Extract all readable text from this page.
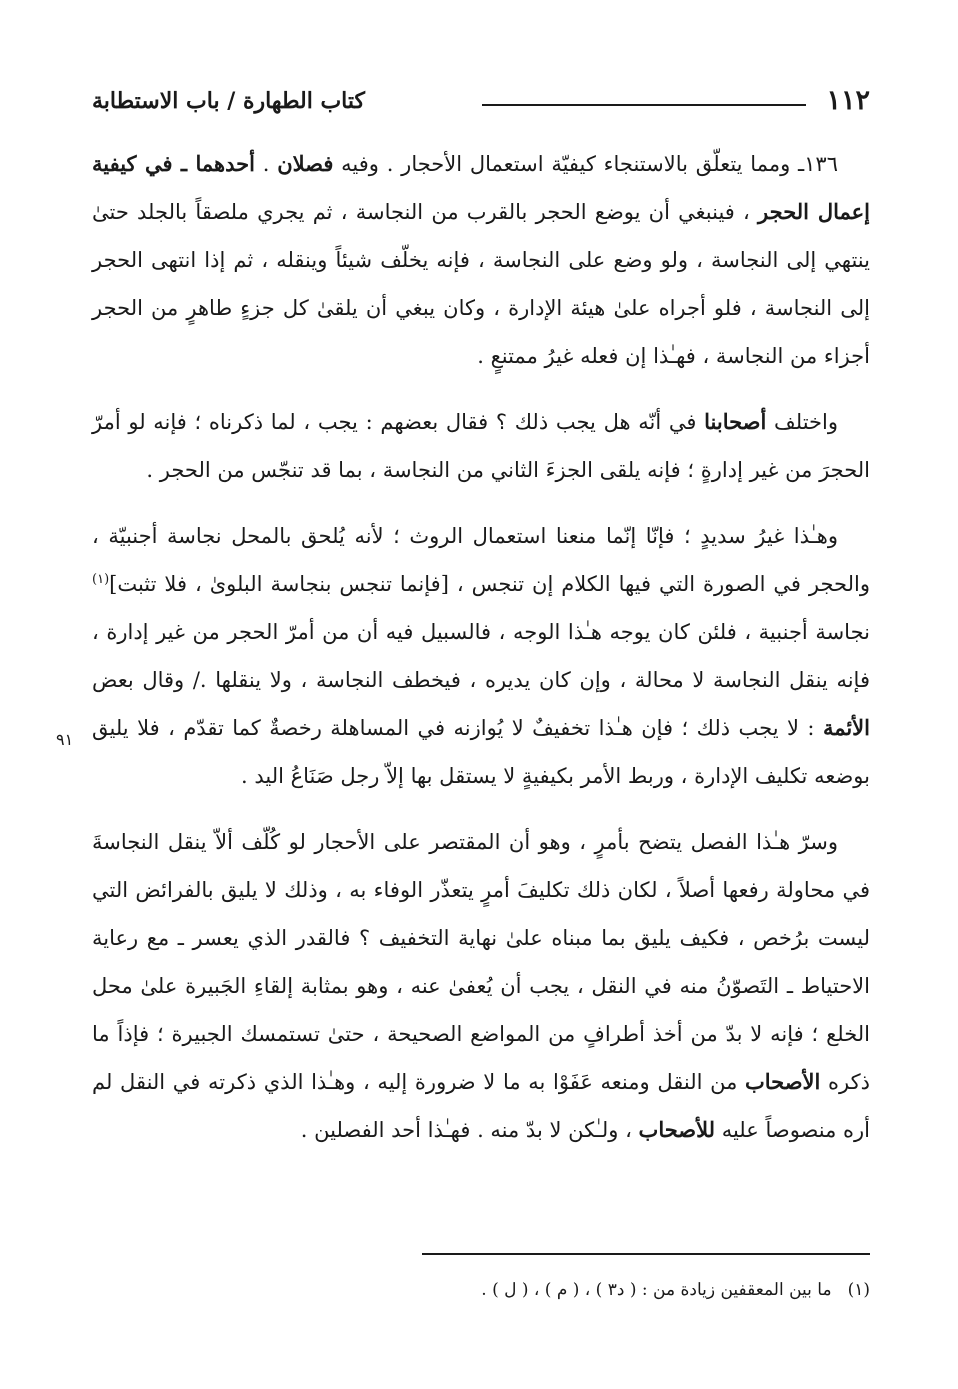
١١٢
كتاب الطهارة / باب الاستطابة

١٣٦ـ ومما يتعلّق بالاستنجاء كيفيّة استعمال الأحجار . وفيه فصلان . أحدهما ـ في كيفية إعمال الحجر ، فينبغي أن يوضع الحجر بالقرب من النجاسة ، ثم يجري ملصقاً بالجلد حتىٰ ينتهي إلى النجاسة ، ولو وضع على النجاسة ، فإنه يخلّف شيئاً وينقله ، ثم إذا انتهى الحجر إلى النجاسة ، فلو أجراه علىٰ هيئة الإدارة ، وكان يبغي أن يلقىٰ كل جزءٍ طاهرٍ من الحجر أجزاء من النجاسة ، فهـٰذا إن فعله غيرُ ممتنعٍ .

واختلف أصحابنا في أنّه هل يجب ذلك ؟ فقال بعضهم : يجب ، لما ذكرناه ؛ فإنه لو أمرّ الحجرَ من غير إدارةٍ ؛ فإنه يلقى الجزءَ الثاني من النجاسة ، بما قد تنجّس من الحجر .

وهـٰذا غيرُ سديدٍ ؛ فإنّا إنّما منعنا استعمال الروث ؛ لأنه يُلحق بالمحل نجاسة أجنبيّة ، والحجر في الصورة التي فيها الكلام إن تنجس ، [فإنما تنجس بنجاسة البلوىٰ ، فلا تثبت]$^{(١)}$ نجاسة أجنبية ، فلئن كان يوجه هـٰذا الوجه ، فالسبيل فيه أن من أمرّ الحجر من غير إدارة ، فإنه ينقل النجاسة لا محالة ، وإن كان يديره ، فيخطف النجاسة ، ولا ينقلها ./ وقال بعض الأئمة : لا يجب ذلك ؛ فإن هـٰذا تخفيفٌ لا يُوازنه في المساهلة رخصةٌ كما تقدّم ، فلا يليق بوضعه تكليف الإدارة ، وربط الأمر بكيفيةٍ لا يستقل بها إلاّ رجل صَنَاعُ اليد .

وسرّ هـٰذا الفصل يتضح بأمرٍ ، وهو أن المقتصر على الأحجار لو كُلّف ألاّ ينقل النجاسةَ في محاولة رفعها أصلاً ، لكان ذلك تكليفَ أمرٍ يتعذّر الوفاء به ، وذلك لا يليق بالفرائض التي ليست برُخص ، فكيف يليق بما مبناه علىٰ نهاية التخفيف ؟ فالقدر الذي يعسر ـ مع رعاية الاحتياط ـ التَصوّنُ منه في النقل ، يجب أن يُعفىٰ عنه ، وهو بمثابة إلقاءِ الجَبيرة علىٰ محل الخلع ؛ فإنه لا بدّ من أخذ أطرافٍ من المواضع الصحيحة ، حتىٰ تستمسك الجبيرة ؛ فإذاً ما ذكره الأصحاب من النقل ومنعه عَفَوْا به ما لا ضرورة إليه ، وهـٰذا الذي ذكرته في النقل لم أره منصوصاً عليه للأصحاب ، ولـٰكن لا بدّ منه . فهـٰذا أحد الفصلين .

٩١
(١)ما بين المعقفين زيادة من : ( د٣ ) ، ( م ) ، ( ل ) .
